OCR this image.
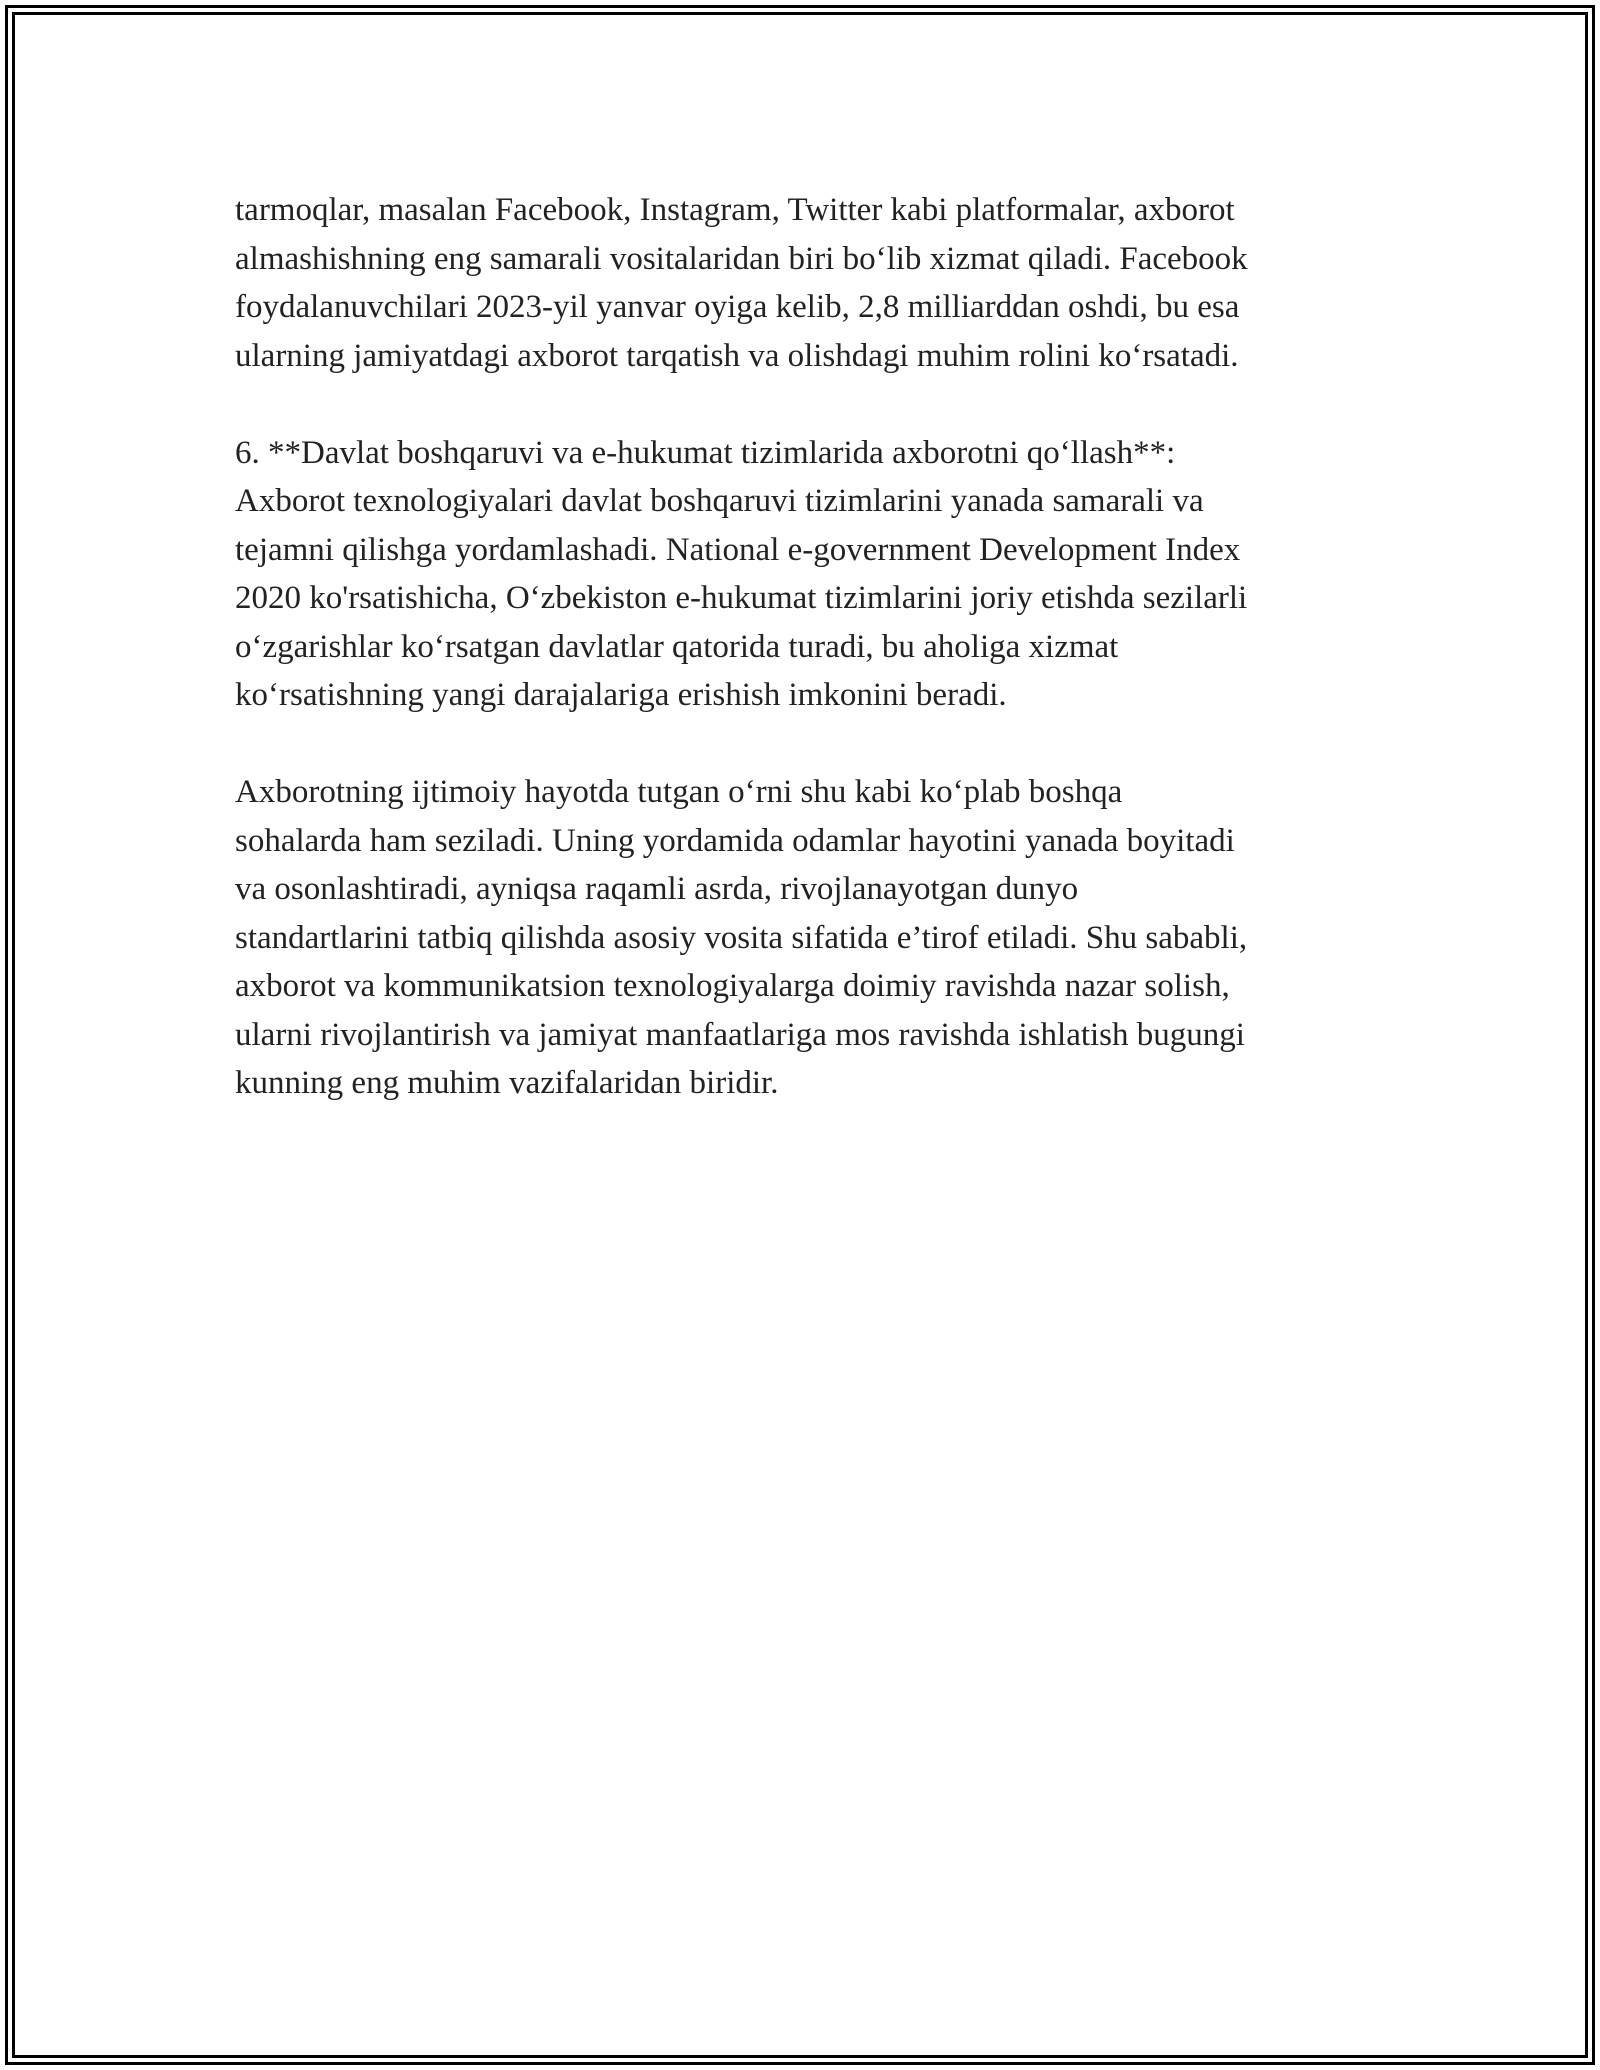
tarmoqlar, masalan Facebook, Instagram, Twitter kabi platformalar, axborot
almashishning eng samarali vositalaridan biri bo‘lib xizmat qiladi. Facebook
foydalanuvchilari 2023-yil yanvar oyiga kelib, 2,8 milliarddan oshdi, bu esa
ularning jamiyatdagi axborot tarqatish va olishdagi muhim rolini ko‘rsatadi.

6. **Davlat boshqaruvi va e-hukumat tizimlarida axborotni qo‘llash**:
Axborot texnologiyalari davlat boshqaruvi tizimlarini yanada samarali va
tejamni qilishga yordamlashadi. National e-government Development Index
2020 ko'rsatishicha, O‘zbekiston e-hukumat tizimlarini joriy etishda sezilarli
o‘zgarishlar ko‘rsatgan davlatlar qatorida turadi, bu aholiga xizmat
ko‘rsatishning yangi darajalariga erishish imkonini beradi.

Axborotning ijtimoiy hayotda tutgan o‘rni shu kabi ko‘plab boshqa
sohalarda ham seziladi. Uning yordamida odamlar hayotini yanada boyitadi
va osonlashtiradi, ayniqsa raqamli asrda, rivojlanayotgan dunyo
standartlarini tatbiq qilishda asosiy vosita sifatida e’tirof etiladi. Shu sababli,
axborot va kommunikatsion texnologiyalarga doimiy ravishda nazar solish,
ularni rivojlantirish va jamiyat manfaatlariga mos ravishda ishlatish bugungi
kunning eng muhim vazifalaridan biridir.
